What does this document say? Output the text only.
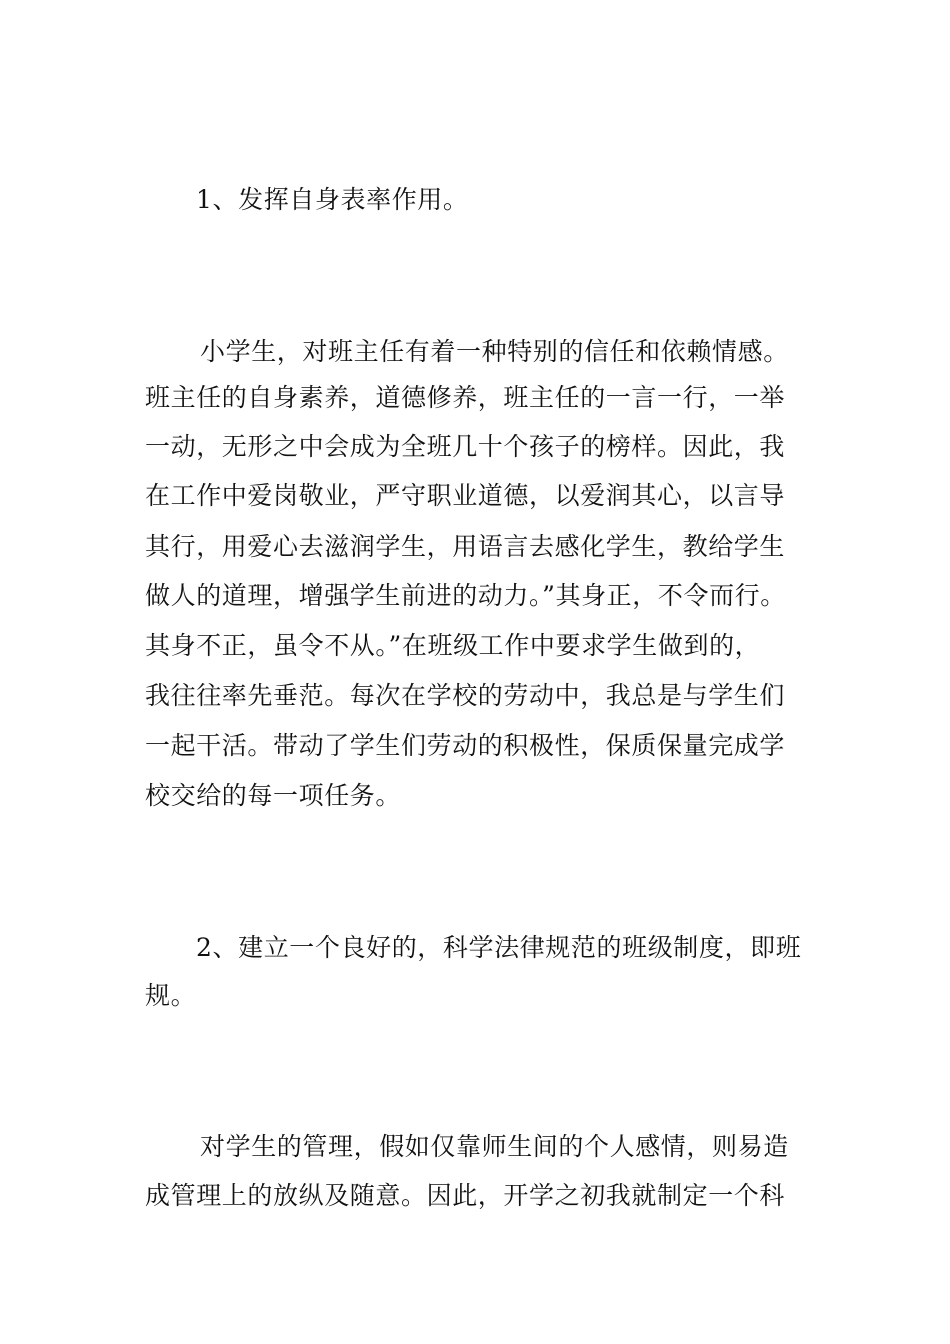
1、发挥自身表率作用。

小学生，对班主任有着一种特别的信任和依赖情感。

班主任的自身素养，道德修养，班主任的一言一行，一举

一动，无形之中会成为全班几十个孩子的榜样。因此，我

在工作中爱岗敬业，严守职业道德，以爱润其心，以言导

其行，用爱心去滋润学生，用语言去感化学生，教给学生

做人的道理，增强学生前进的动力。”其身正，不令而行。

其身不正，虽令不从。”在班级工作中要求学生做到的，

我往往率先垂范。每次在学校的劳动中，我总是与学生们

一起干活。带动了学生们劳动的积极性，保质保量完成学

校交给的每一项任务。

2、建立一个良好的，科学法律规范的班级制度，即班

规。

对学生的管理，假如仅靠师生间的个人感情，则易造

成管理上的放纵及随意。因此，开学之初我就制定一个科
